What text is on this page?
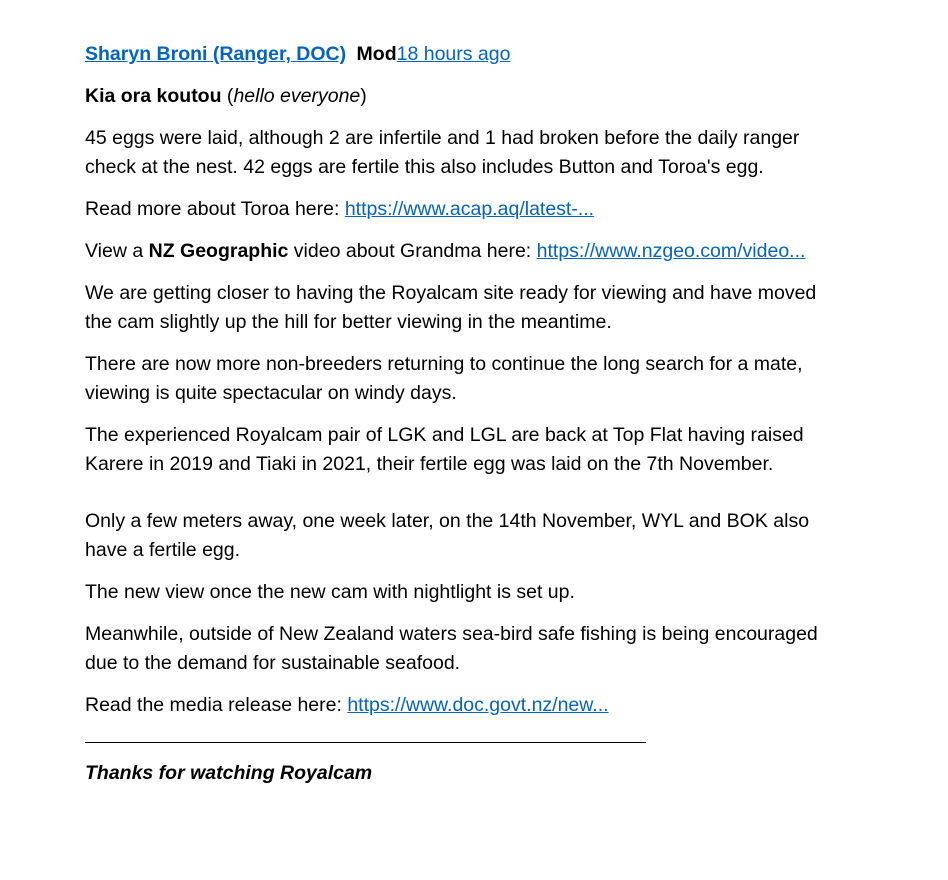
Sharyn Broni (Ranger, DOC) Mod18 hours ago

Kia ora koutou (hello everyone)

45 eggs were laid, although 2 are infertile and 1 had broken before the daily ranger check at the nest. 42 eggs are fertile this also includes Button and Toroa's egg.

Read more about Toroa here: https://www.acap.aq/latest-...

View a NZ Geographic video about Grandma here: https://www.nzgeo.com/video...

We are getting closer to having the Royalcam site ready for viewing and have moved the cam slightly up the hill for better viewing in the meantime.

There are now more non-breeders returning to continue the long search for a mate, viewing is quite spectacular on windy days.

The experienced Royalcam pair of LGK and LGL are back at Top Flat having raised Karere in 2019 and Tiaki in 2021, their fertile egg was laid on the 7th November.

Only a few meters away, one week later, on the 14th November, WYL and BOK also have a fertile egg.

The new view once the new cam with nightlight is set up.

Meanwhile, outside of New Zealand waters sea-bird safe fishing is being encouraged due to the demand for sustainable seafood.

Read the media release here: https://www.doc.govt.nz/new...

Thanks for watching Royalcam
